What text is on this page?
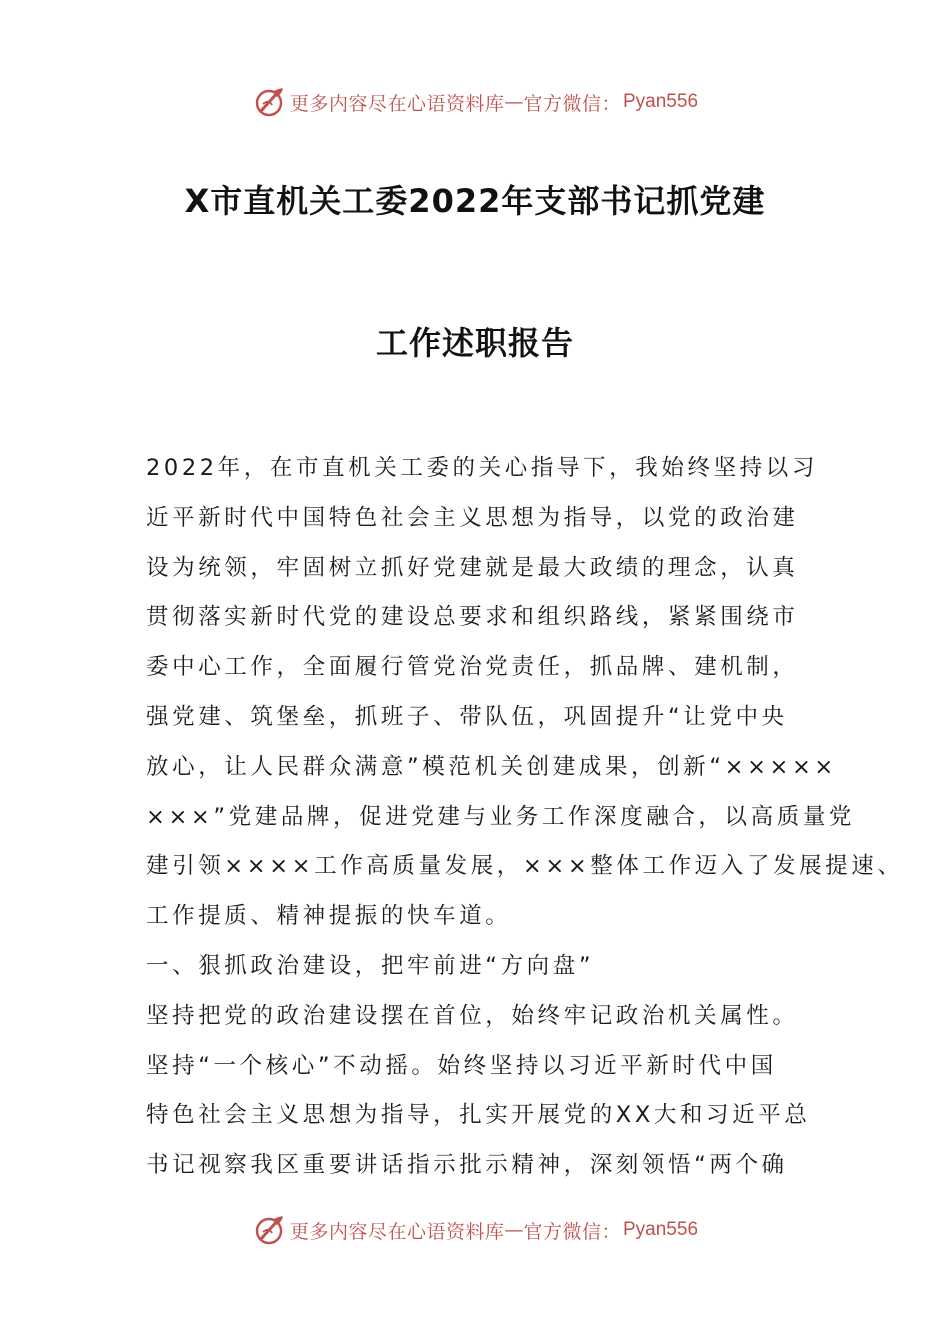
更多内容尽在心语资料库 — 官方微信： Pyan556
X市直机关工委2022年支部书记抓党建
工作述职报告
2022年，在市直机关工委的关心指导下，我始终坚持以习
近平新时代中国特色社会主义思想为指导，以党的政治建
设为统领，牢固树立抓好党建就是最大政绩的理念，认真
贯彻落实新时代党的建设总要求和组织路线，紧紧围绕市
委中心工作，全面履行管党治党责任，抓品牌、建机制，
强党建、筑堡垒，抓班子、带队伍，巩固提升“让党中央
放心，让人民群众满意”模范机关创建成果，创新“×××××
×××”党建品牌，促进党建与业务工作深度融合，以高质量党
建引领××××工作高质量发展，×××整体工作迈入了发展提速、
工作提质、精神提振的快车道。
一、狠抓政治建设，把牢前进“方向盘”
坚持把党的政治建设摆在首位，始终牢记政治机关属性。
坚持“一个核心”不动摇。始终坚持以习近平新时代中国
特色社会主义思想为指导，扎实开展党的XX大和习近平总
书记视察我区重要讲话指示批示精神，深刻领悟“两个确
更多内容尽在心语资料库 — 官方微信： Pyan556
